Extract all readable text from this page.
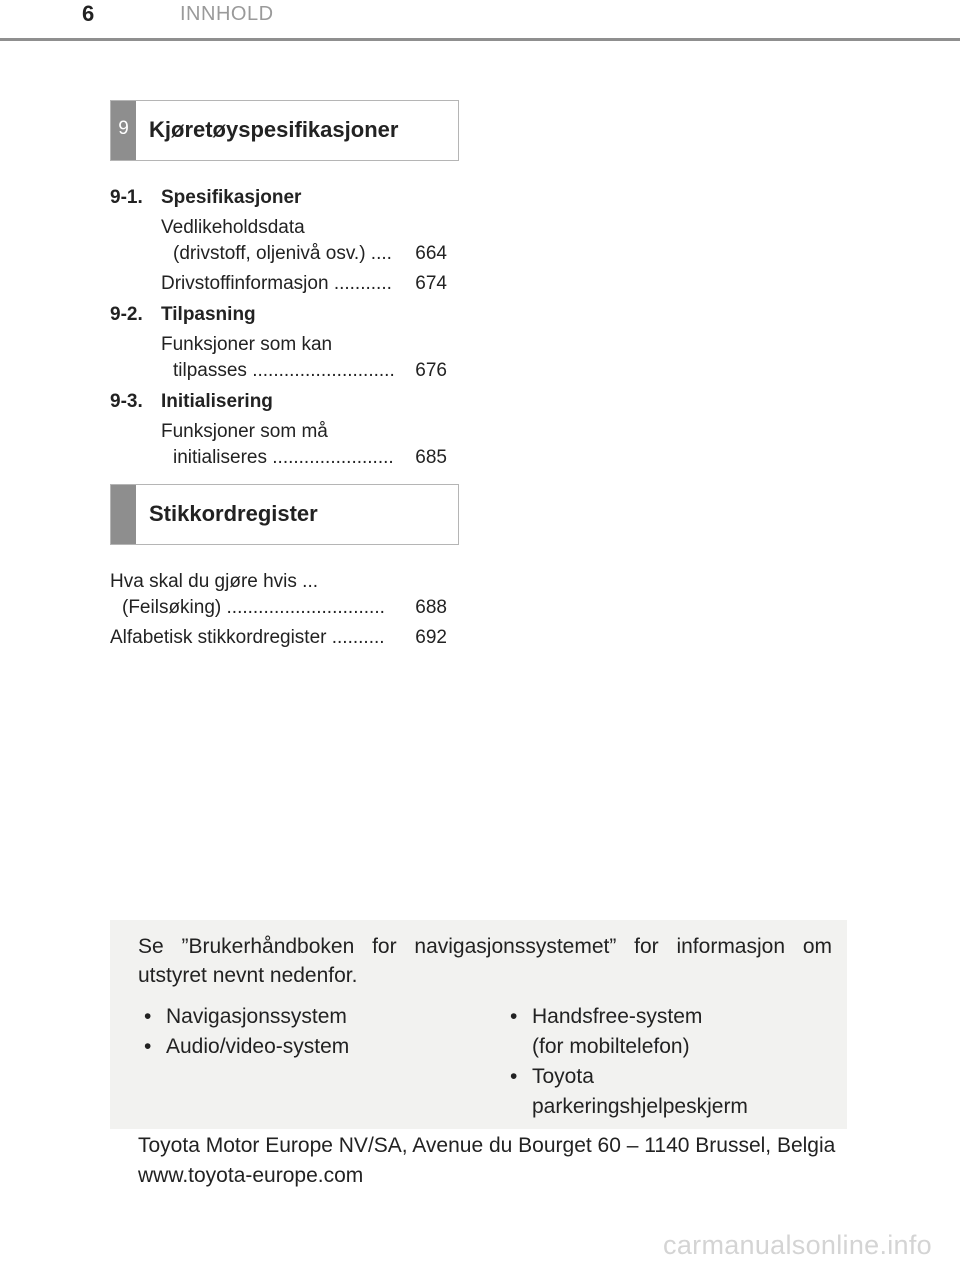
6	INNHOLD
9 Kjøretøyspesifikasjoner
9-1. Spesifikasjoner
Vedlikeholdsdata
(drivstoff, oljenivå osv.) .... 664
Drivstoffinformasjon ........... 674
9-2. Tilpasning
Funksjoner som kan
tilpasses ........................... 676
9-3. Initialisering
Funksjoner som må
initialiseres ....................... 685
Stikkordregister
Hva skal du gjøre hvis ...
(Feilsøking) .............................. 688
Alfabetisk stikkordregister .......... 692
Se ”Brukerhåndboken for navigasjonssystemet” for informasjon om utstyret nevnt nedenfor.
• Navigasjonssystem
• Audio/video-system
• Handsfree-system
(for mobiltelefon)
• Toyota
parkeringshjelpeskjerm
Toyota Motor Europe NV/SA, Avenue du Bourget 60 – 1140 Brussel, Belgia www.toyota-europe.com
carmanualsonline.info
